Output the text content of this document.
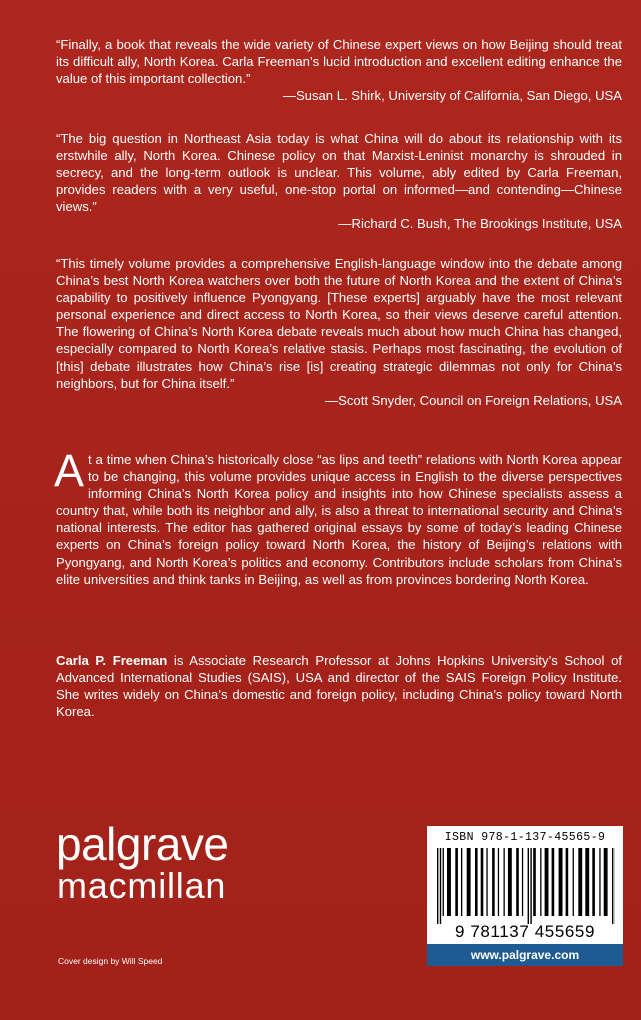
“Finally, a book that reveals the wide variety of Chinese expert views on how Beijing should treat its difficult ally, North Korea. Carla Freeman’s lucid introduction and excellent editing enhance the value of this important collection.”

—Susan L. Shirk, University of California, San Diego, USA

“The big question in Northeast Asia today is what China will do about its relationship with its erstwhile ally, North Korea. Chinese policy on that Marxist-Leninist monarchy is shrouded in secrecy, and the long-term outlook is unclear. This volume, ably edited by Carla Freeman, provides readers with a very useful, one-stop portal on informed—and contending—Chinese views.”

—Richard C. Bush, The Brookings Institute, USA

“This timely volume provides a comprehensive English-language window into the debate among China’s best North Korea watchers over both the future of North Korea and the extent of China’s capability to positively influence Pyongyang. [These experts] arguably have the most relevant personal experience and direct access to North Korea, so their views deserve careful attention. The flowering of China’s North Korea debate reveals much about how much China has changed, especially compared to North Korea’s relative stasis. Perhaps most fascinating, the evolution of [this] debate illustrates how China’s rise [is] creating strategic dilemmas not only for China’s neighbors, but for China itself.”

—Scott Snyder, Council on Foreign Relations, USA

At a time when China’s historically close “as lips and teeth” relations with North Korea appear to be changing, this volume provides unique access in English to the diverse perspectives informing China’s North Korea policy and insights into how Chinese specialists assess a country that, while both its neighbor and ally, is also a threat to international security and China’s national interests. The editor has gathered original essays by some of today’s leading Chinese experts on China’s foreign policy toward North Korea, the history of Beijing’s relations with Pyongyang, and North Korea’s politics and economy. Contributors include scholars from China’s elite universities and think tanks in Beijing, as well as from provinces bordering North Korea.

Carla P. Freeman is Associate Research Professor at Johns Hopkins University’s School of Advanced International Studies (SAIS), USA and director of the SAIS Foreign Policy Institute. She writes widely on China’s domestic and foreign policy, including China’s policy toward North Korea.

palgrave
macmillan
Cover design by Will Speed
ISBN 978-1-137-45565-9
9 781137 455659
www.palgrave.com
